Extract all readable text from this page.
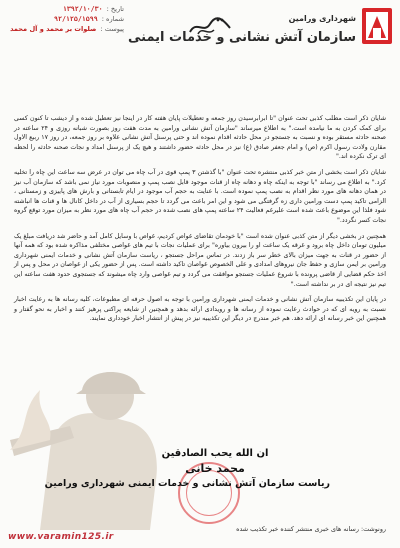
شهرداری ورامین
سازمان آتش نشانی و خدمات ایمنی
تاریخ :
۱۳۹۲/۱۰/۳۰
شماره :
۹۲/۱۲۵/۱۵۹۹
پیوست :
صلوات بر محمد و آل محمد

شایان ذکر است مطلب کذبی تحت عنوان "تا ابرابرسیدن روز جمعه و تعطیلات پایان هفته کار در اینجا نیز تعطیل شده و از دیشب تا کنون کسی برای کمک کردن به ما نیامده است." به اطلاع میرساند "سازمان آتش نشانی ورامین به مدت هفت روز بصورت شبانه روزی و ۲۴ ساعته در صحنه حادثه مستقر بوده و نسبت به جستجو در محل حادثه اقدام نموده اند و حتی پرسنل آتش نشانی علاوه بر روز جمعه، در روز ۱۷ ربیع الاول مقارن ولادت رسول اکرم (ص) و امام جعفر صادق (ع) نیز در محل حادثه حضور داشتند و هیچ یک از پرسنل امداد و نجات صحنه حادثه را لحظه ای ترک نکرده اند."

شایان ذکر است بخشی از متن خبر کذبی منتشره تحت عنوان "با گذشتن ۳ پمپ قوی در آب چاه می توان در عرض سه ساعت این چاه را تخلیه کرد." به اطلاع می رساند "با توجه به اینکه چاه و دهانه چاه از قنات موجود قابل نصب پمپ و منصوبات مورد نیاز نمی باشد که سازمان آب نیز در همان دهانه های مورد نظر اقدام به نصب پمپ نموده است. با عنایت به حجم آب موجود در ایام تابستانی و بارش های پاییزی و زمستانی ، الزامی تاکید پمپ دست ورامین داری زه گرفتگی می شود و این امر باعث می گردد تا حجم بسیاری از آب در داخل کانال ها و قنات ها انباشته شود فلذا این موضوع باعث شده است علیرغم فعالیت ۲۴ ساعته پمپ های نصب شده در حجم آب چاه های مورد نظر به میزان مورد توقع گروه نجات کسر نگردد."

همچنین در بخشی دیگر از متن کذبی عنوان شده است "با خودمان تقاضای غواص کردیم، غواص با وسایل کامل آمد و حاضر شد دریافت مبلغ یک میلیون تومان داخل چاه برود و غرقه یک ساعت او را بیرون بیاوره" برای عملیات نجات با تیم های غواصی مختلفی مذاکره شده بود که همه آنها از حضور در قنات به جهت میزان بالای خطر سر باز زدند. در تماس مراحل جستجو ، ریاست سازمان آتش نشانی و خدمات ایمنی شهرداری ورامین بر ایمن سازی و حفظ جان نیروهای امدادی و علی الخصوص غواصان تاکید داشته است. پس از حضور یکی از غواصان در محل و پس از اخذ حکم قضایی از قاضی پرونده با شروع عملیات جستجو موافقت می گردد و تیم غواصی وارد چاه میشوند که جستجوی حدود هفت ساعته این تیم نیز نتیجه ای در بر نداشته است."

در پایان این تکذیبیه سازمان آتش نشانی و خدمات ایمنی شهرداری ورامین با توجه به اصول حرفه ای مطبوعات، کلیه رسانه ها به رعایت اخبار نسبت به رویه ای که در حوادث رعایت نموده از رسانه ها و رویدادی ارائه بدهد و همچنین از شایعه پراکنی پرهیز کنند و اخبار به نحو گفتار و همچنین این خبر رسانه ای ارائه دهد. هم خبر مندرج در دیگر این تکذیبیه نیز در پیش از انتشار اخبار خودداری نمایند.

ان الله یحب الصادقین
محمد خانی
ریاست سازمان آتش نشانی و خدمات ایمنی شهرداری ورامین
رونوشت: رسانه های خبری منتشر کننده خبر تکذیب شده
www.varamin125.ir
